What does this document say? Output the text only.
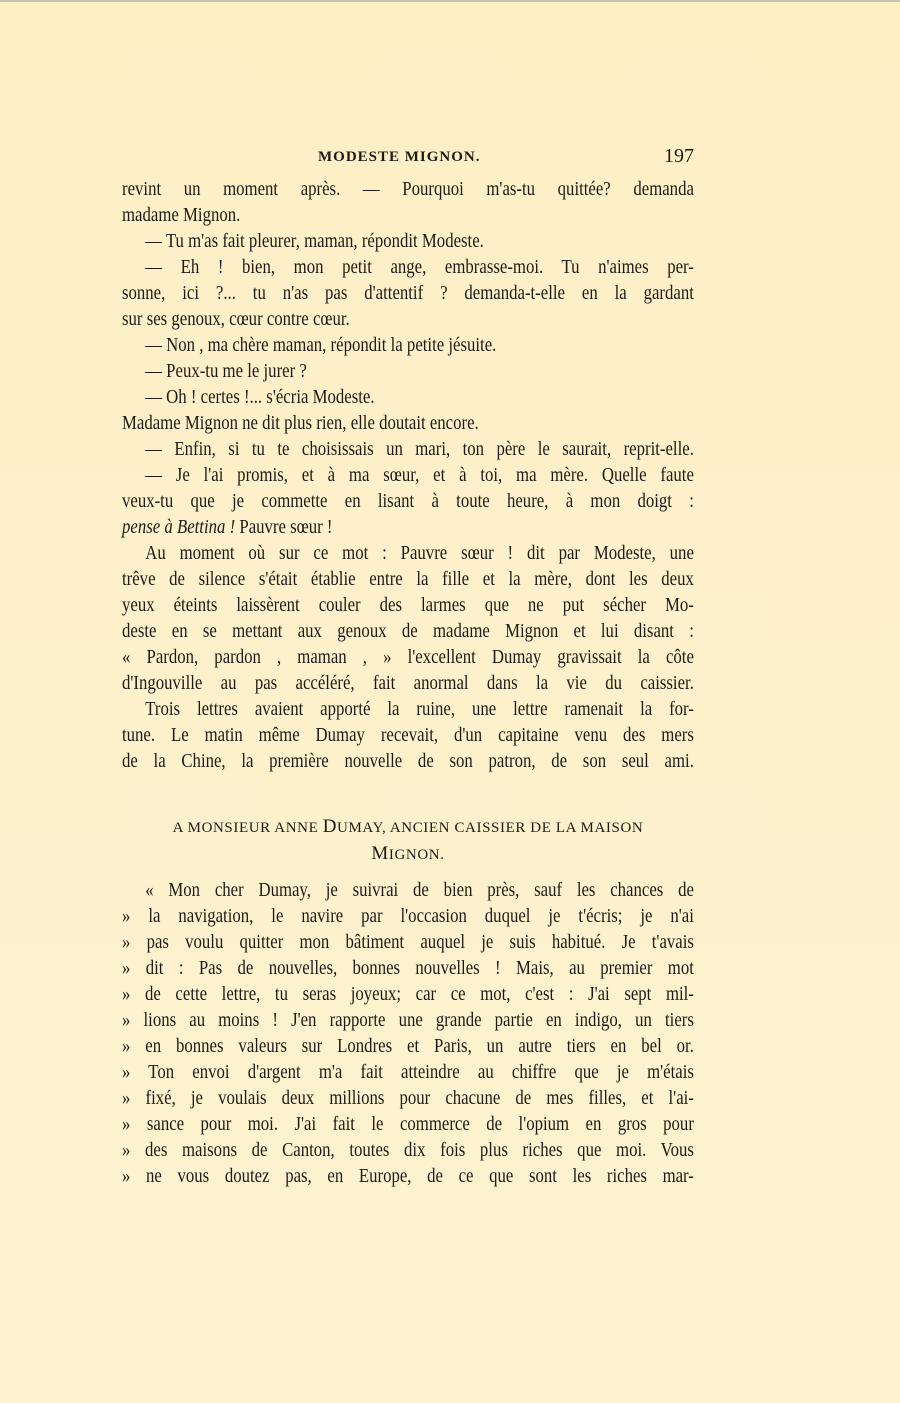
MODESTE MIGNON.	197
revint un moment après. — Pourquoi m'as-tu quittée? demanda
madame Mignon.
— Tu m'as fait pleurer, maman, répondit Modeste.
— Eh ! bien, mon petit ange, embrasse-moi. Tu n'aimes per-
sonne, ici ?... tu n'as pas d'attentif ? demanda-t-elle en la gardant
sur ses genoux, cœur contre cœur.
— Non , ma chère maman, répondit la petite jésuite.
— Peux-tu me le jurer ?
— Oh ! certes !... s'écria Modeste.
Madame Mignon ne dit plus rien, elle doutait encore.
— Enfin, si tu te choisissais un mari, ton père le saurait, reprit-elle.
— Je l'ai promis, et à ma sœur, et à toi, ma mère. Quelle faute
veux-tu que je commette en lisant à toute heure, à mon doigt :
pense à Bettina ! Pauvre sœur !
Au moment où sur ce mot : Pauvre sœur ! dit par Modeste, une
trêve de silence s'était établie entre la fille et la mère, dont les deux
yeux éteints laissèrent couler des larmes que ne put sécher Mo-
deste en se mettant aux genoux de madame Mignon et lui disant :
« Pardon, pardon , maman , » l'excellent Dumay gravissait la côte
d'Ingouville au pas accéléré, fait anormal dans la vie du caissier.
Trois lettres avaient apporté la ruine, une lettre ramenait la for-
tune. Le matin même Dumay recevait, d'un capitaine venu des mers
de la Chine, la première nouvelle de son patron, de son seul ami.
A MONSIEUR ANNE DUMAY, ANCIEN CAISSIER DE LA MAISON
MIGNON.
« Mon cher Dumay, je suivrai de bien près, sauf les chances de
» la navigation, le navire par l'occasion duquel je t'écris; je n'ai
» pas voulu quitter mon bâtiment auquel je suis habitué. Je t'avais
» dit : Pas de nouvelles, bonnes nouvelles ! Mais, au premier mot
» de cette lettre, tu seras joyeux; car ce mot, c'est : J'ai sept mil-
» lions au moins ! J'en rapporte une grande partie en indigo, un tiers
» en bonnes valeurs sur Londres et Paris, un autre tiers en bel or.
» Ton envoi d'argent m'a fait atteindre au chiffre que je m'étais
» fixé, je voulais deux millions pour chacune de mes filles, et l'ai-
» sance pour moi. J'ai fait le commerce de l'opium en gros pour
» des maisons de Canton, toutes dix fois plus riches que moi. Vous
» ne vous doutez pas, en Europe, de ce que sont les riches mar-
